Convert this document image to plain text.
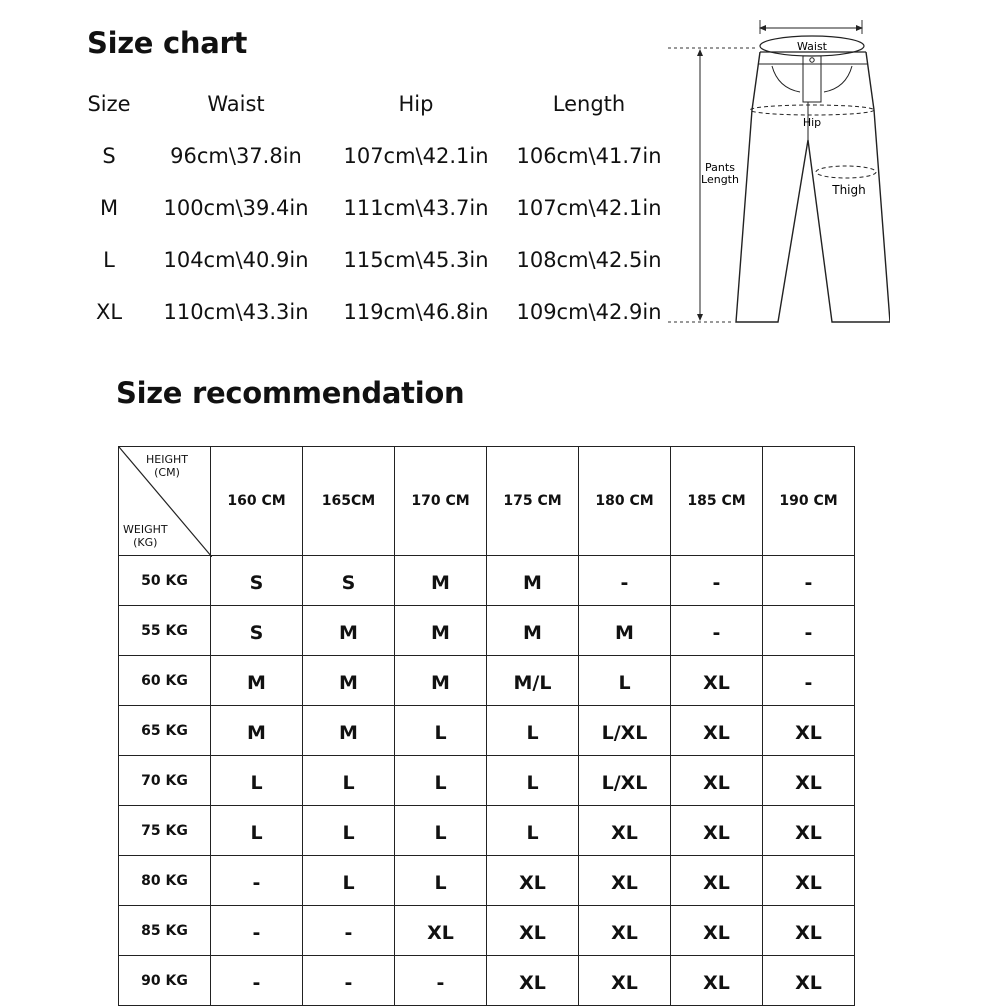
Size chart
Size	Waist	Hip	Length
S	96cm\37.8in 107cm\42.1in 106cm\41.7in
M 100cm\39.4in 111cm\43.7in 107cm\42.1in
L 104cm\40.9in 115cm\45.3in 108cm\42.5in
XL 110cm\43.3in 119cm\46.8in 109cm\42.9in
Waist
Hip
Thigh
Pants
Length
Size recommendation
HEIGHT
(CM)
WEIGHT
(KG)	160 CM	165CM	170 CM	175 CM	180 CM	185 CM	190 CM
50 KG	S	S	M	M	-	-	-
55 KG	S	M	M	M	M	-	-
60 KG	M	M	M	M/L	L	XL	-
65 KG	M	M	L	L	L/XL	XL	XL
70 KG	L	L	L	L	L/XL	XL	XL
75 KG	L	L	L	L	XL	XL	XL
80 KG	-	L	L	XL	XL	XL	XL
85 KG	-	-	XL	XL	XL	XL	XL
90 KG	-	-	-	XL	XL	XL	XL
